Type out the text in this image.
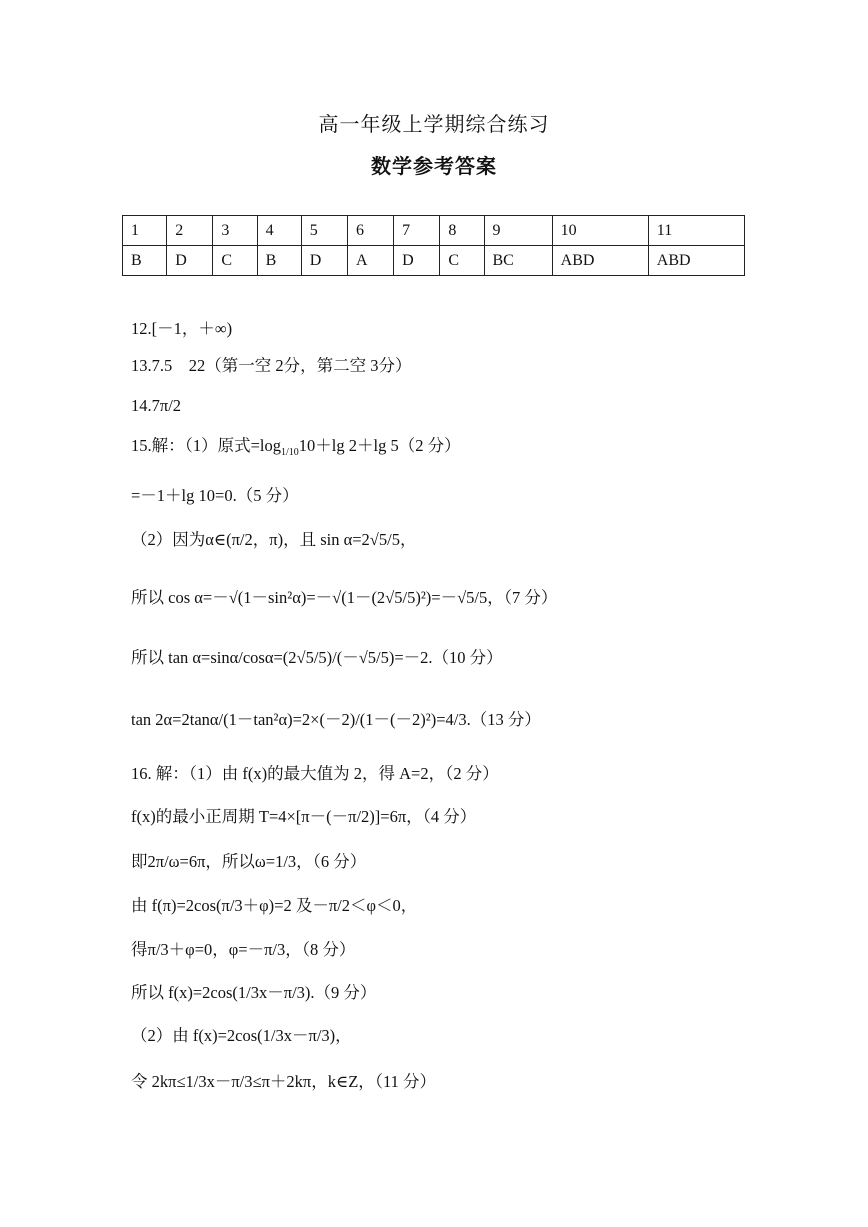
高一年级上学期综合练习
数学参考答案
1	2	3	4	5	6	7	8	9	10	11
B	D	C	B	D	A	D	C	BC	ABD	ABD
12.[－1，＋∞)
13.7.5　22（第一空 2分，第二空 3分）
14.7π/2
15.解：（1）原式$=\log_{1/10}$ 10＋lg 2＋lg 5（2 分）
=－1＋lg 10=0.（5 分）
（2）因为α∈(π/2，π)，且 sin α=2√5/5，
所以 cos α=－√(1－sin²α)=－√(1－(2√5/5)²)=－√5/5，（7 分）
所以 tan α=sinα/cosα=(2√5/5)/(－√5/5)=－2.（10 分）
tan 2α=2tanα/(1－tan²α)=2×(－2)/(1－(－2)²)=4/3.（13 分）
16. 解：（1）由 f(x)的最大值为 2，得 A=2，（2 分）
f(x)的最小正周期 T=4×[π－(－π/2)]=6π，（4 分）
即2π/ω=6π，所以ω=1/3，（6 分）
由 f(π)=2cos(π/3＋φ)=2 及－π/2＜φ＜0，
得π/3＋φ=0，φ=－π/3，（8 分）
所以 f(x)=2cos(1/3x－π/3).（9 分）
（2）由 f(x)=2cos(1/3x－π/3)，
令 2kπ≤1/3x－π/3≤π＋2kπ，k∈Z，（11 分）
